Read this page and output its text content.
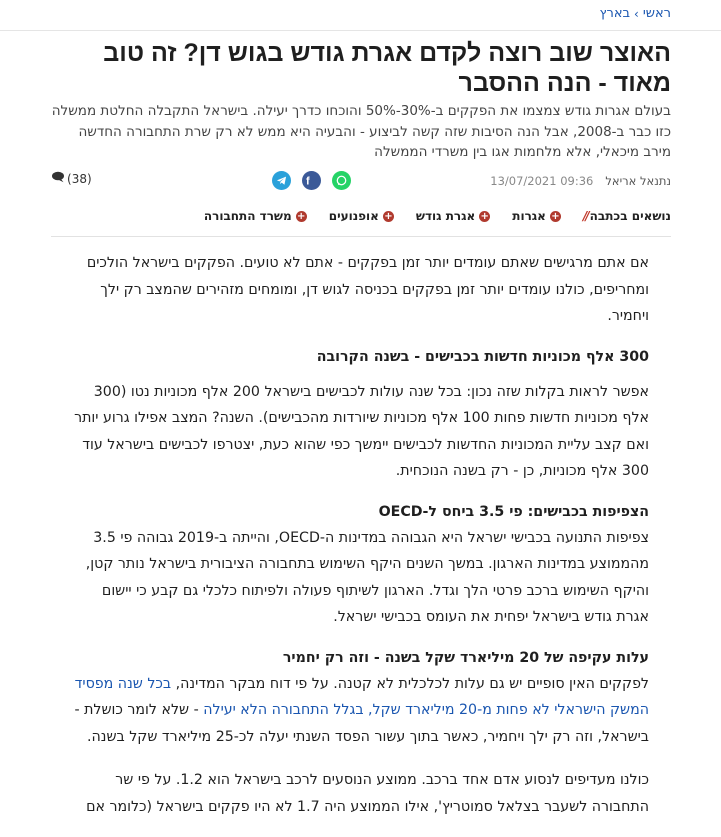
ראשי
›
בארץ
האוצר שוב רוצה לקדם אגרת גודש בגוש דן? זה טוב מאוד - הנה ההסבר

בעולם אגרות גודש צמצמו את הפקקים ב-30%-50% והוכחו כדרך יעילה. בישראל התקבלה החלטת ממשלה כזו כבר ב-2008, אבל הנה הסיבות שזה קשה לביצוע - והבעיה היא ממש לא רק שרת התחבורה החדשה מירב מיכאלי, אלא מלחמות אגו בין משרדי הממשלה

נתנאל אריאל
13/07/2021 09:36
f
(38)
נושאים בכתבה
//
+
אגרות
+
אגרת גודש
+
אופנועים
+
משרד התחבורה

אם אתם מרגישים שאתם עומדים יותר זמן בפקקים - אתם לא טועים. הפקקים בישראל הולכים ומחריפים, כולנו עומדים יותר זמן בפקקים בכניסה לגוש דן, ומומחים מזהירים שהמצב רק ילך ויחמיר.

300 אלף מכוניות חדשות בכבישים - בשנה הקרובה

אפשר לראות בקלות שזה נכון: בכל שנה עולות לכבישים בישראל 200 אלף מכוניות נטו (300 אלף מכוניות חדשות פחות 100 אלף מכוניות שיורדות מהכבישים). השנה? המצב אפילו גרוע יותר ואם קצב עליית המכוניות החדשות לכבישים יימשך כפי שהוא כעת, יצטרפו לכבישים בישראל עוד 300 אלף מכוניות, כן - רק בשנה הנוכחית.

הצפיפות בכבישים: פי 3.5 ביחס ל-OECD

צפיפות התנועה בכבישי ישראל היא הגבוהה במדינות ה-OECD, והייתה ב-2019 גבוהה פי 3.5 מהממוצע במדינות הארגון. במשך השנים היקף השימוש בתחבורה הציבורית בישראל נותר קטן, והיקף השימוש ברכב פרטי הלך וגדל. הארגון לשיתוף פעולה ולפיתוח כלכלי גם קבע כי יישום אגרת גודש בישראל יפחית את העומס בכבישי ישראל.

עלות עקיפה של 20 מיליארד שקל בשנה - וזה רק יחמיר

לפקקים האין סופיים יש גם עלות לכלכלית לא קטנה. על פי דוח מבקר המדינה, בכל שנה מפסיד המשק הישראלי לא פחות מ-20 מיליארד שקל, בגלל התחבורה הלא יעילה - שלא לומר כושלת - בישראל, וזה רק ילך ויחמיר, כאשר בתוך עשור הפסד השנתי יעלה לכ-25 מיליארד שקל בשנה.

כולנו מעדיפים לנסוע אדם אחד ברכב. ממוצע הנוסעים לרכב בישראל הוא 1.2. על פי שר התחבורה לשעבר בצלאל סמוטריץ', אילו הממוצע היה 1.7 לא היו פקקים בישראל (כלומר אם
